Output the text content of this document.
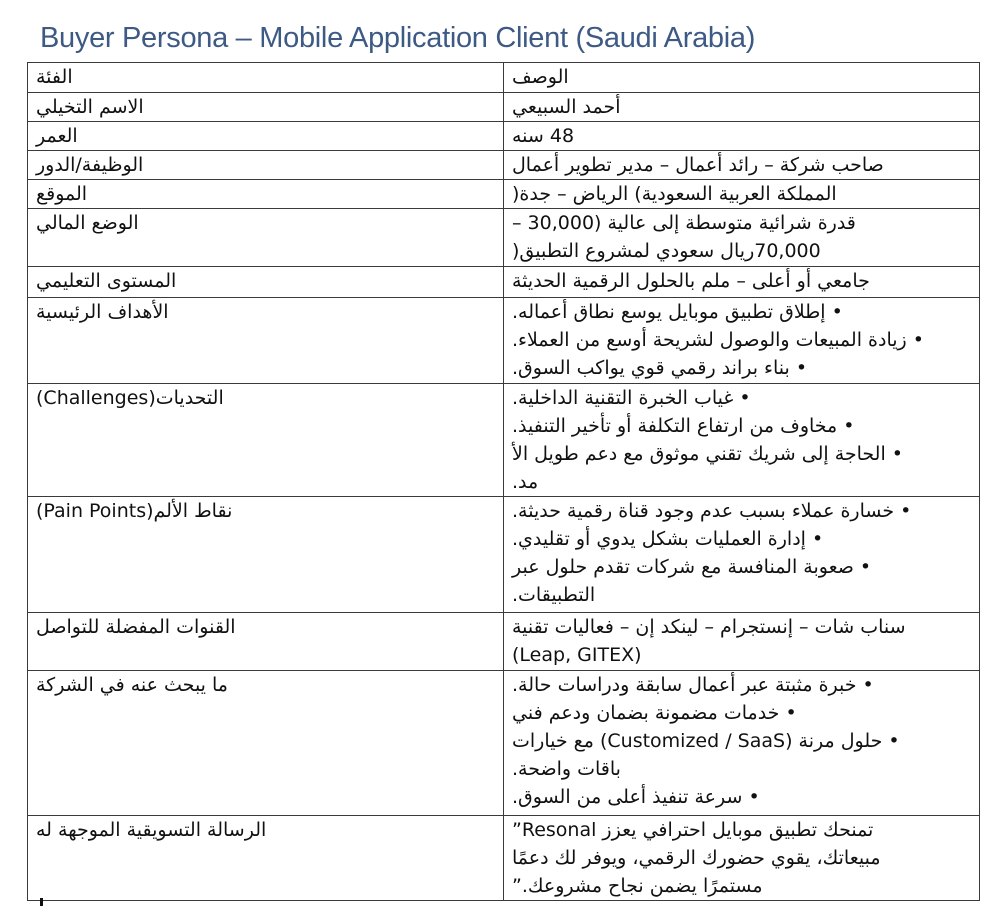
Buyer Persona – Mobile Application Client (Saudi Arabia)
الفئة	الوصف

الاسم التخيلي	أحمد السبيعي

العمر	48 سنه

الوظيفة/الدور	صاحب شركة – رائد أعمال – مدير تطوير أعمال

الموقع	المملكة العربية السعودية) الرياض – جدة(

الوضع المالي	قدرة شرائية متوسطة إلى عالية (30,000 –
70,000ريال سعودي لمشروع التطبيق(

المستوى التعليمي	جامعي أو أعلى – ملم بالحلول الرقمية الحديثة

الأهداف الرئيسية	• إطلاق تطبيق موبايل يوسع نطاق أعماله.
• زيادة المبيعات والوصول لشريحة أوسع من العملاء.
• بناء براند رقمي قوي يواكب السوق.

التحديات(Challenges)	• غياب الخبرة التقنية الداخلية.
• مخاوف من ارتفاع التكلفة أو تأخير التنفيذ.
• الحاجة إلى شريك تقني موثوق مع دعم طويل الأ
مد.

نقاط الألم(Pain Points)	• خسارة عملاء بسبب عدم وجود قناة رقمية حديثة.
• إدارة العمليات بشكل يدوي أو تقليدي.
• صعوبة المنافسة مع شركات تقدم حلول عبر
التطبيقات.

القنوات المفضلة للتواصل	سناب شات – إنستجرام – لينكد إن – فعاليات تقنية
(Leap, GITEX)

ما يبحث عنه في الشركة	• خبرة مثبتة عبر أعمال سابقة ودراسات حالة.
• خدمات مضمونة بضمان ودعم فني
• حلول مرنة (Customized / SaaS) مع خيارات
باقات واضحة.
• سرعة تنفيذ أعلى من السوق.

الرسالة التسويقية الموجهة له	تمنحك تطبيق موبايل احترافي يعزز Resonal”
مبيعاتك، يقوي حضورك الرقمي، ويوفر لك دعمًا
مستمرًا يضمن نجاح مشروعك.”
